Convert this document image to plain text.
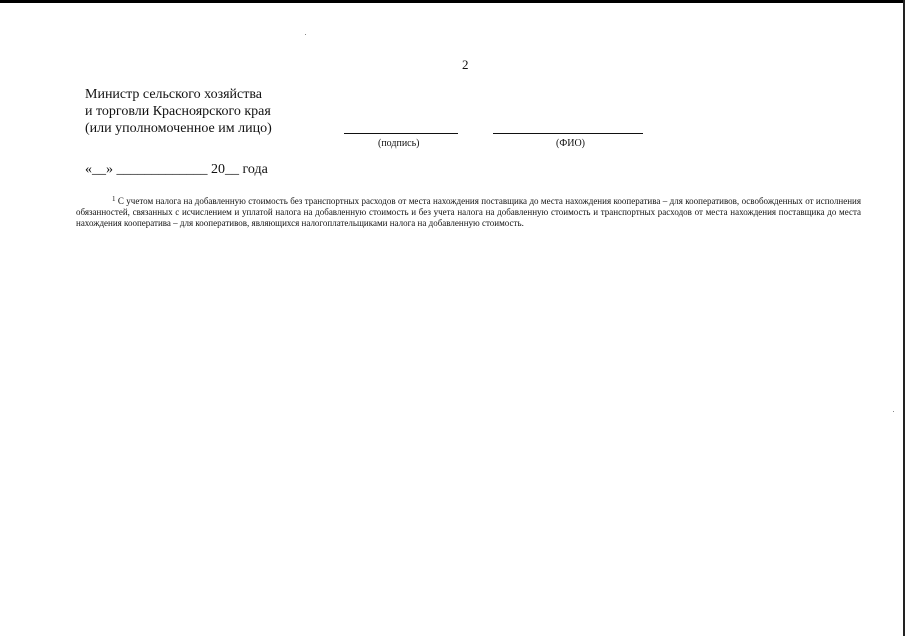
2
Министр сельского хозяйства
и торговли Красноярского края
(или уполномоченное им лицо)
(подпись)	(ФИО)
«__» _____________ 20__ года
$^1$ С учетом налога на добавленную стоимость без транспортных расходов от места нахождения поставщика до места нахождения кооператива – для кооперативов, освобожденных от исполнения обязанностей, связанных с исчислением и уплатой налога на добавленную стоимость и без учета налога на добавленную стоимость и транспортных расходов от места нахождения поставщика до места нахождения кооператива – для кооперативов, являющихся налогоплательщиками налога на добавленную стоимость.
